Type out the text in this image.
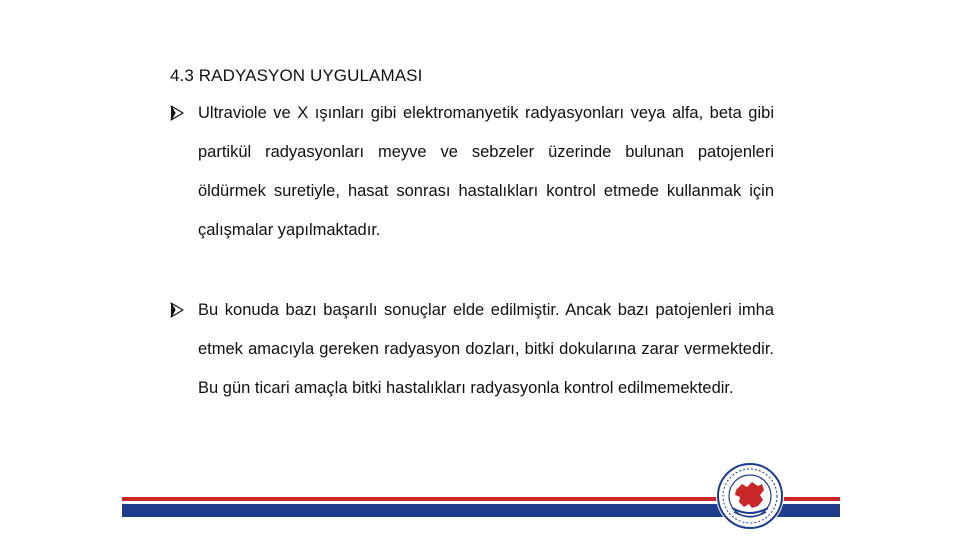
4.3 RADYASYON UYGULAMASI

Ultraviole ve X ışınları gibi elektromanyetik radyasyonları veya alfa, beta gibi partikül radyasyonları meyve ve sebzeler üzerinde bulunan patojenleri öldürmek suretiyle, hasat sonrası hastalıkları kontrol etmede kullanmak için çalışmalar yapılmaktadır.

Bu konuda bazı başarılı sonuçlar elde edilmiştir. Ancak bazı patojenleri imha etmek amacıyla gereken radyasyon dozları, bitki dokularına zarar vermektedir. Bu gün ticari amaçla bitki hastalıkları radyasyonla kontrol edilmemektedir.
